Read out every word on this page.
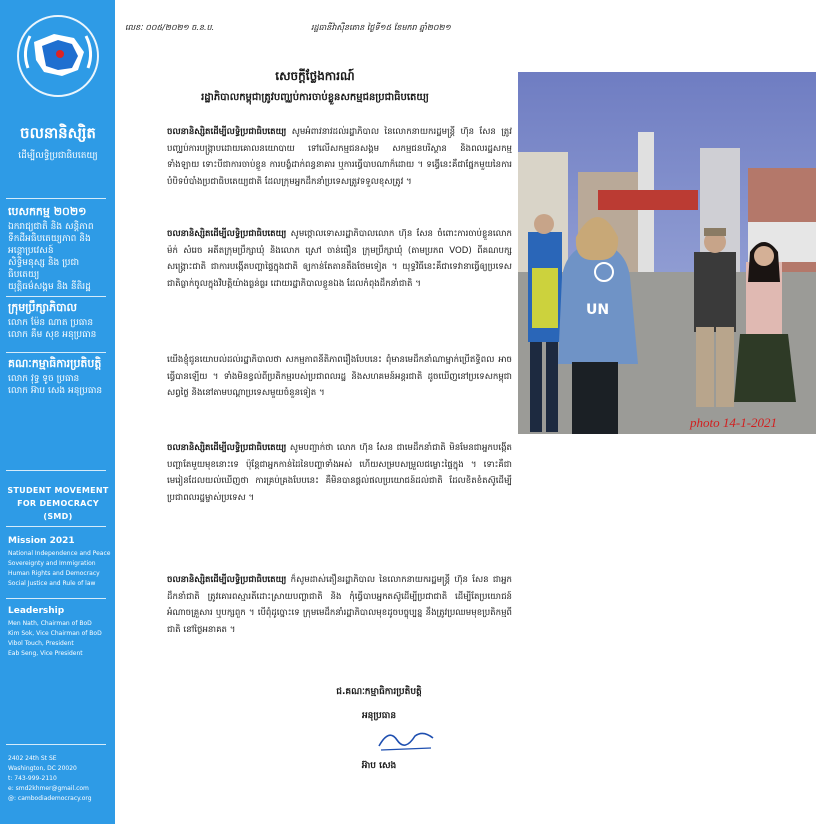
ចលនានិស្សិត
ដើម្បីលទ្ធិប្រជាធិបតេយ្យ
បេសកកម្ម ២០២១
ឯករាជ្យជាតិ និង សន្តិភាព
ទឹកដីអធិបតេយ្យភាព និង អន្តោប្រវេសន៍
សិទ្ធិមនុស្ស និង ប្រជាធិបតេយ្យ
យុត្តិធម៌សង្គម និង នីតិរដ្ឋ
ក្រុមប្រឹក្សាភិបាល
លោក ម៉ែន ណាត ប្រធាន
លោក គឹម សុខ អនុប្រធាន
គណៈកម្មាធិការប្រតិបត្តិ
លោក វុទ្ធ ទូច ប្រធាន
លោក អ៊ាប សេង អនុប្រធាន
STUDENT MOVEMENT FOR DEMOCRACY (SMD)
Mission 2021
National Independence and Peace
Sovereignty and Immigration
Human Rights and Democracy
Social Justice and Rule of law
Leadership
Men Nath, Chairman of BoD
Kim Sok, Vice Chairman of BoD
Vibol Touch, President
Eab Seng, Vice President
2402 24th St SE
Washington, DC 20020
t: 743-999-2110
e: smd2khmer@gmail.com
@: cambodiademocracy.org
លេខៈ ០០៥/២០២១ ច.ន.ប.	រដ្ឋធានីវ៉ាស៊ីនតោន ថ្ងៃទី១៥ ខែមករា ឆ្នាំ២០២១
សេចក្តីថ្លែងការណ៍
រដ្ឋាភិបាលកម្ពុជាត្រូវបញ្ឈប់ការចាប់ខ្លួនសកម្មជនប្រជាធិបតេយ្យ
ចលនានិស្សិតដើម្បីលទ្ធិប្រជាធិបតេយ្យ សូមអំពាវនាវដល់រដ្ឋាភិបាល នៃលោកនាយករដ្ឋមន្ត្រី ហ៊ុន សែន ត្រូវបញ្ឈប់ការបង្ក្រាបដោយគោលនយោបាយ ទៅលើសកម្មជនសង្គម សកម្មជនបរិស្ថាន និងពលរដ្ឋសកម្មទាំងឡាយ ទោះបីជាការចាប់ខ្លួន ការបង្ខំដាក់ពន្ធនាគារ ឬការធ្វើបាបណាក៏ដោយ ។ ទង្វើនេះគឺជាផ្នែកមួយនៃការបំបិទបំបាំងប្រជាធិបតេយ្យជាតិ ដែលក្រុមអ្នកដឹកនាំប្រទេសត្រូវទទួលខុសត្រូវ ។
ចលនានិស្សិតដើម្បីលទ្ធិប្រជាធិបតេយ្យ សូមថ្កោលទោសរដ្ឋាភិបាលលោក ហ៊ុន សែន ចំពោះការចាប់ខ្លួនលោក ម៉ក់ សំរេច អតីតក្រុមប្រឹក្សាឃុំ និងលោក ស្រៅ ចាន់ធឿន ក្រុមប្រឹក្សាឃុំ (តាមប្រភព VOD) ពីគណបក្សសង្គ្រោះជាតិ ជាការបង្កើតបញ្ហាផ្ទៃក្នុងជាតិ ឲ្យកាន់តែតានតឹងថែមទៀត ។ យុទ្ធវិធីនេះគឺជាទេវានាធ្វើឲ្យប្រទេសជាតិធ្លាក់ចូលក្នុងវិបត្តិយ៉ាងធ្ងន់ធ្ងរ ដោយរដ្ឋាភិបាលខ្លួនឯង ដែលកំពុងដឹកនាំជាតិ ។
យើងខ្ញុំជូនយោបល់ដល់រដ្ឋាភិបាលថា សកម្មភាពនីតិភាពរឿងបែបនេះ ពុំមានមេដឹកនាំណាម្នាក់ប្រើឥទ្ធិពល អាចធ្វើបានឡើយ ។ ទាំងមិនខ្វល់ពីប្រតិកម្មរបស់ប្រជាពលរដ្ឋ និងសហគមន៍អន្តរជាតិ ដូចឃើញនៅប្រទេសកម្ពុជាសព្វថ្ងៃ និងនៅតាមបណ្តាប្រទេសមួយចំនួនទៀត ។
ចលនានិស្សិតដើម្បីលទ្ធិប្រជាធិបតេយ្យ សូមបញ្ជាក់ថា លោក ហ៊ុន សែន ជាមេដឹកនាំជាតិ មិនមែនជាអ្នកបង្កើតបញ្ហាតែមួយមុខនោះទេ ប៉ុន្តែជាអ្នកកាន់ដៃនៃបញ្ហាទាំងអស់ ហើយសម្របសម្រួលជម្លោះផ្ទៃក្នុង ។ ទោះគឺជាមេរៀនដែលយល់ឃើញថា ការគ្រប់គ្រងបែបនេះ គឺមិនបានផ្តល់ផលប្រយោជន៍ដល់ជាតិ ដែលខិតខំតស៊ូដើម្បីប្រជាពលរដ្ឋម្ចាស់ប្រទេស ។
ចលនានិស្សិតដើម្បីលទ្ធិប្រជាធិបតេយ្យ ក៏សូមដាស់តឿនរដ្ឋាភិបាល នៃលោកនាយករដ្ឋមន្ត្រី ហ៊ុន សែន ជាអ្នកដឹកនាំជាតិ ត្រូវគោរពស្មារតីដោះស្រាយបញ្ហាជាតិ និង កុំធ្វើបាបអ្នកតស៊ូដើម្បីប្រជាជាតិ ដើម្បីតែប្រយោជន៍អំណាចគ្រួសារ ឬបក្សពួក ។ បើពុំដូច្នោះទេ ក្រុមមេដឹកនាំរដ្ឋាភិបាលមុខដូចបច្ចុប្បន្ន នឹងត្រូវប្រឈមមុខប្រតិកម្មពីជាតិ នៅថ្ងៃអនាគត ។
ជ.គណៈកម្មាធិការប្រតិបត្តិ
អនុប្រធាន
អ៊ាប សេង
UN
photo 14-1-2021
